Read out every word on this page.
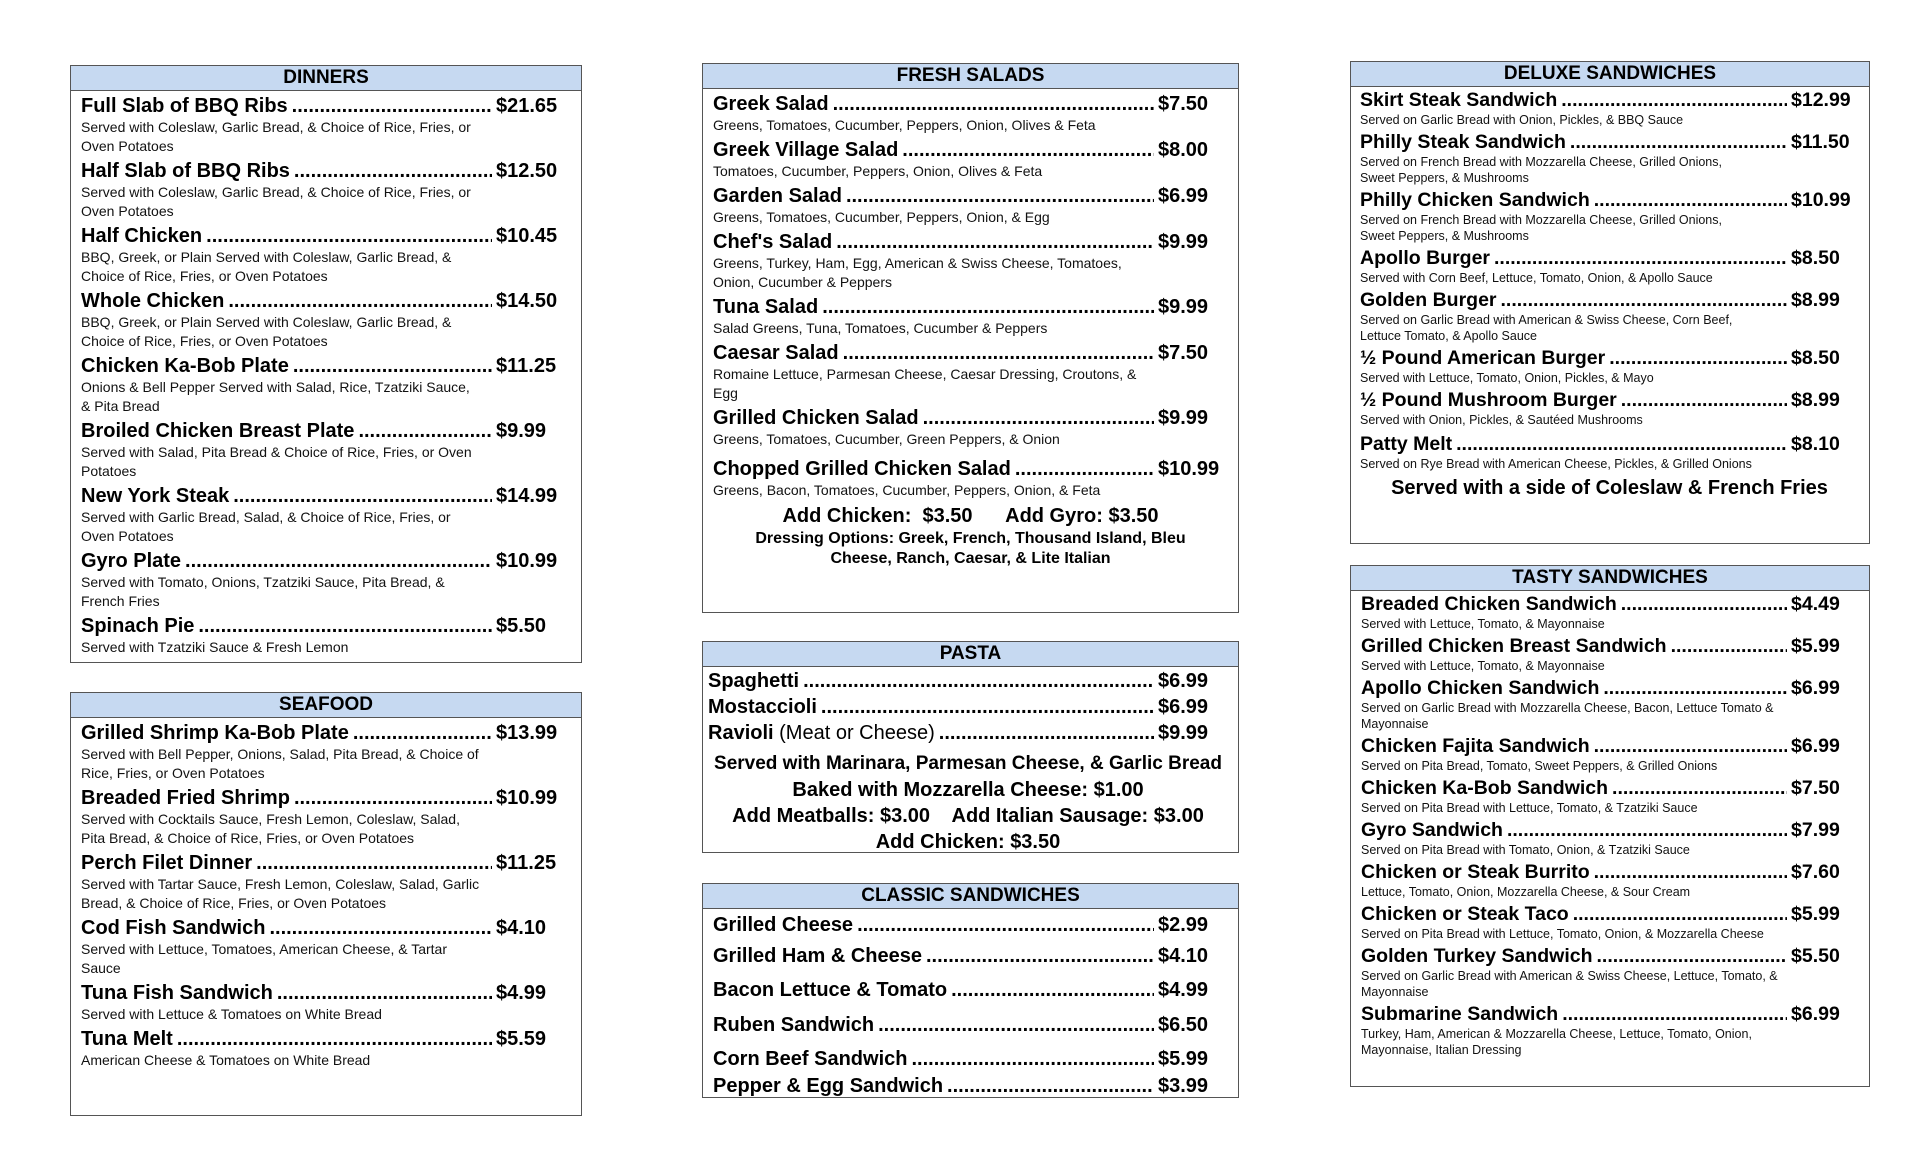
DINNERS
Full Slab of BBQ Ribs .....	$21.65
Served with Coleslaw, Garlic Bread, & Choice of Rice, Fries, or Oven Potatoes
Half Slab of BBQ Ribs .....	$12.50
Served with Coleslaw, Garlic Bread, & Choice of Rice, Fries, or Oven Potatoes
Half Chicken .....	$10.45
BBQ, Greek, or Plain Served with Coleslaw, Garlic Bread, & Choice of Rice, Fries, or Oven Potatoes
Whole Chicken .....	$14.50
BBQ, Greek, or Plain Served with Coleslaw, Garlic Bread, & Choice of Rice, Fries, or Oven Potatoes
Chicken Ka-Bob Plate .....	$11.25
Onions & Bell Pepper Served with Salad, Rice, Tzatziki Sauce, & Pita Bread
Broiled Chicken Breast Plate .....	$9.99
Served with Salad, Pita Bread & Choice of Rice, Fries, or Oven Potatoes
New York Steak .....	$14.99
Served with Garlic Bread, Salad, & Choice of Rice, Fries, or Oven Potatoes
Gyro Plate .....	$10.99
Served with Tomato, Onions, Tzatziki Sauce, Pita Bread, & French Fries
Spinach Pie .....	$5.50
Served with Tzatziki Sauce & Fresh Lemon
SEAFOOD
Grilled Shrimp Ka-Bob Plate .....	$13.99
Served with Bell Pepper, Onions, Salad, Pita Bread, & Choice of Rice, Fries, or Oven Potatoes
Breaded Fried Shrimp .....	$10.99
Served with Cocktails Sauce, Fresh Lemon, Coleslaw, Salad, Pita Bread, & Choice of Rice, Fries, or Oven Potatoes
Perch Filet Dinner .....	$11.25
Served with Tartar Sauce, Fresh Lemon, Coleslaw, Salad, Garlic Bread, & Choice of Rice, Fries, or Oven Potatoes
Cod Fish Sandwich .....	$4.10
Served with Lettuce, Tomatoes, American Cheese, & Tartar Sauce
Tuna Fish Sandwich .....	$4.99
Served with Lettuce & Tomatoes on White Bread
Tuna Melt .....	$5.59
American Cheese & Tomatoes on White Bread
FRESH SALADS
Greek Salad .....	$7.50
Greens, Tomatoes, Cucumber, Peppers, Onion, Olives & Feta
Greek Village Salad .....	$8.00
Tomatoes, Cucumber, Peppers, Onion, Olives & Feta
Garden Salad .....	$6.99
Greens, Tomatoes, Cucumber, Peppers, Onion, & Egg
Chef's Salad .....	$9.99
Greens, Turkey, Ham, Egg, American & Swiss Cheese, Tomatoes, Onion, Cucumber & Peppers
Tuna Salad .....	$9.99
Salad Greens, Tuna, Tomatoes, Cucumber & Peppers
Caesar Salad .....	$7.50
Romaine Lettuce, Parmesan Cheese, Caesar Dressing, Croutons, & Egg
Grilled Chicken Salad .....	$9.99
Greens, Tomatoes, Cucumber, Green Peppers, & Onion
Chopped Grilled Chicken Salad .....	$10.99
Greens, Bacon, Tomatoes, Cucumber, Peppers, Onion, & Feta
Add Chicken:  $3.50      Add Gyro: $3.50
Dressing Options: Greek, French, Thousand Island, Bleu Cheese, Ranch, Caesar, & Lite Italian
PASTA
Spaghetti .....	$6.99
Mostaccioli .....	$6.99
Ravioli (Meat or Cheese) .....	$9.99
Served with Marinara, Parmesan Cheese, & Garlic Bread
Baked with Mozzarella Cheese: $1.00
Add Meatballs: $3.00    Add Italian Sausage: $3.00
Add Chicken: $3.50
CLASSIC SANDWICHES
Grilled Cheese .....	$2.99
Grilled Ham & Cheese .....	$4.10
Bacon Lettuce & Tomato .....	$4.99
Ruben Sandwich .....	$6.50
Corn Beef Sandwich .....	$5.99
Pepper & Egg Sandwich .....	$3.99
DELUXE SANDWICHES
Skirt Steak Sandwich .....	$12.99
Served on Garlic Bread with Onion, Pickles, & BBQ Sauce
Philly Steak Sandwich .....	$11.50
Served on French Bread with Mozzarella Cheese, Grilled Onions, Sweet Peppers, & Mushrooms
Philly Chicken Sandwich .....	$10.99
Served on French Bread with Mozzarella Cheese, Grilled Onions, Sweet Peppers, & Mushrooms
Apollo Burger .....	$8.50
Served with Corn Beef, Lettuce, Tomato, Onion, & Apollo Sauce
Golden Burger .....	$8.99
Served on Garlic Bread with American & Swiss Cheese, Corn Beef, Lettuce Tomato, & Apollo Sauce
½ Pound American Burger .....	$8.50
Served with Lettuce, Tomato, Onion, Pickles, & Mayo
½ Pound Mushroom Burger .....	$8.99
Served with Onion, Pickles, & Sautéed Mushrooms
Patty Melt .....	$8.10
Served on Rye Bread with American Cheese, Pickles, & Grilled Onions
Served with a side of Coleslaw & French Fries
TASTY SANDWICHES
Breaded Chicken Sandwich .....	$4.49
Served with Lettuce, Tomato, & Mayonnaise
Grilled Chicken Breast Sandwich .....	$5.99
Served with Lettuce, Tomato, & Mayonnaise
Apollo Chicken Sandwich .....	$6.99
Served on Garlic Bread with Mozzarella Cheese, Bacon, Lettuce Tomato & Mayonnaise
Chicken Fajita Sandwich .....	$6.99
Served on Pita Bread, Tomato, Sweet Peppers, & Grilled Onions
Chicken Ka-Bob Sandwich .....	$7.50
Served on Pita Bread with Lettuce, Tomato, & Tzatziki Sauce
Gyro Sandwich .....	$7.99
Served on Pita Bread with Tomato, Onion, & Tzatziki Sauce
Chicken or Steak Burrito .....	$7.60
Lettuce, Tomato, Onion, Mozzarella Cheese, & Sour Cream
Chicken or Steak Taco .....	$5.99
Served on Pita Bread with Lettuce, Tomato, Onion, & Mozzarella Cheese
Golden Turkey Sandwich .....	$5.50
Served on Garlic Bread with American & Swiss Cheese, Lettuce, Tomato, & Mayonnaise
Submarine Sandwich .....	$6.99
Turkey, Ham, American & Mozzarella Cheese, Lettuce, Tomato, Onion, Mayonnaise, Italian Dressing
